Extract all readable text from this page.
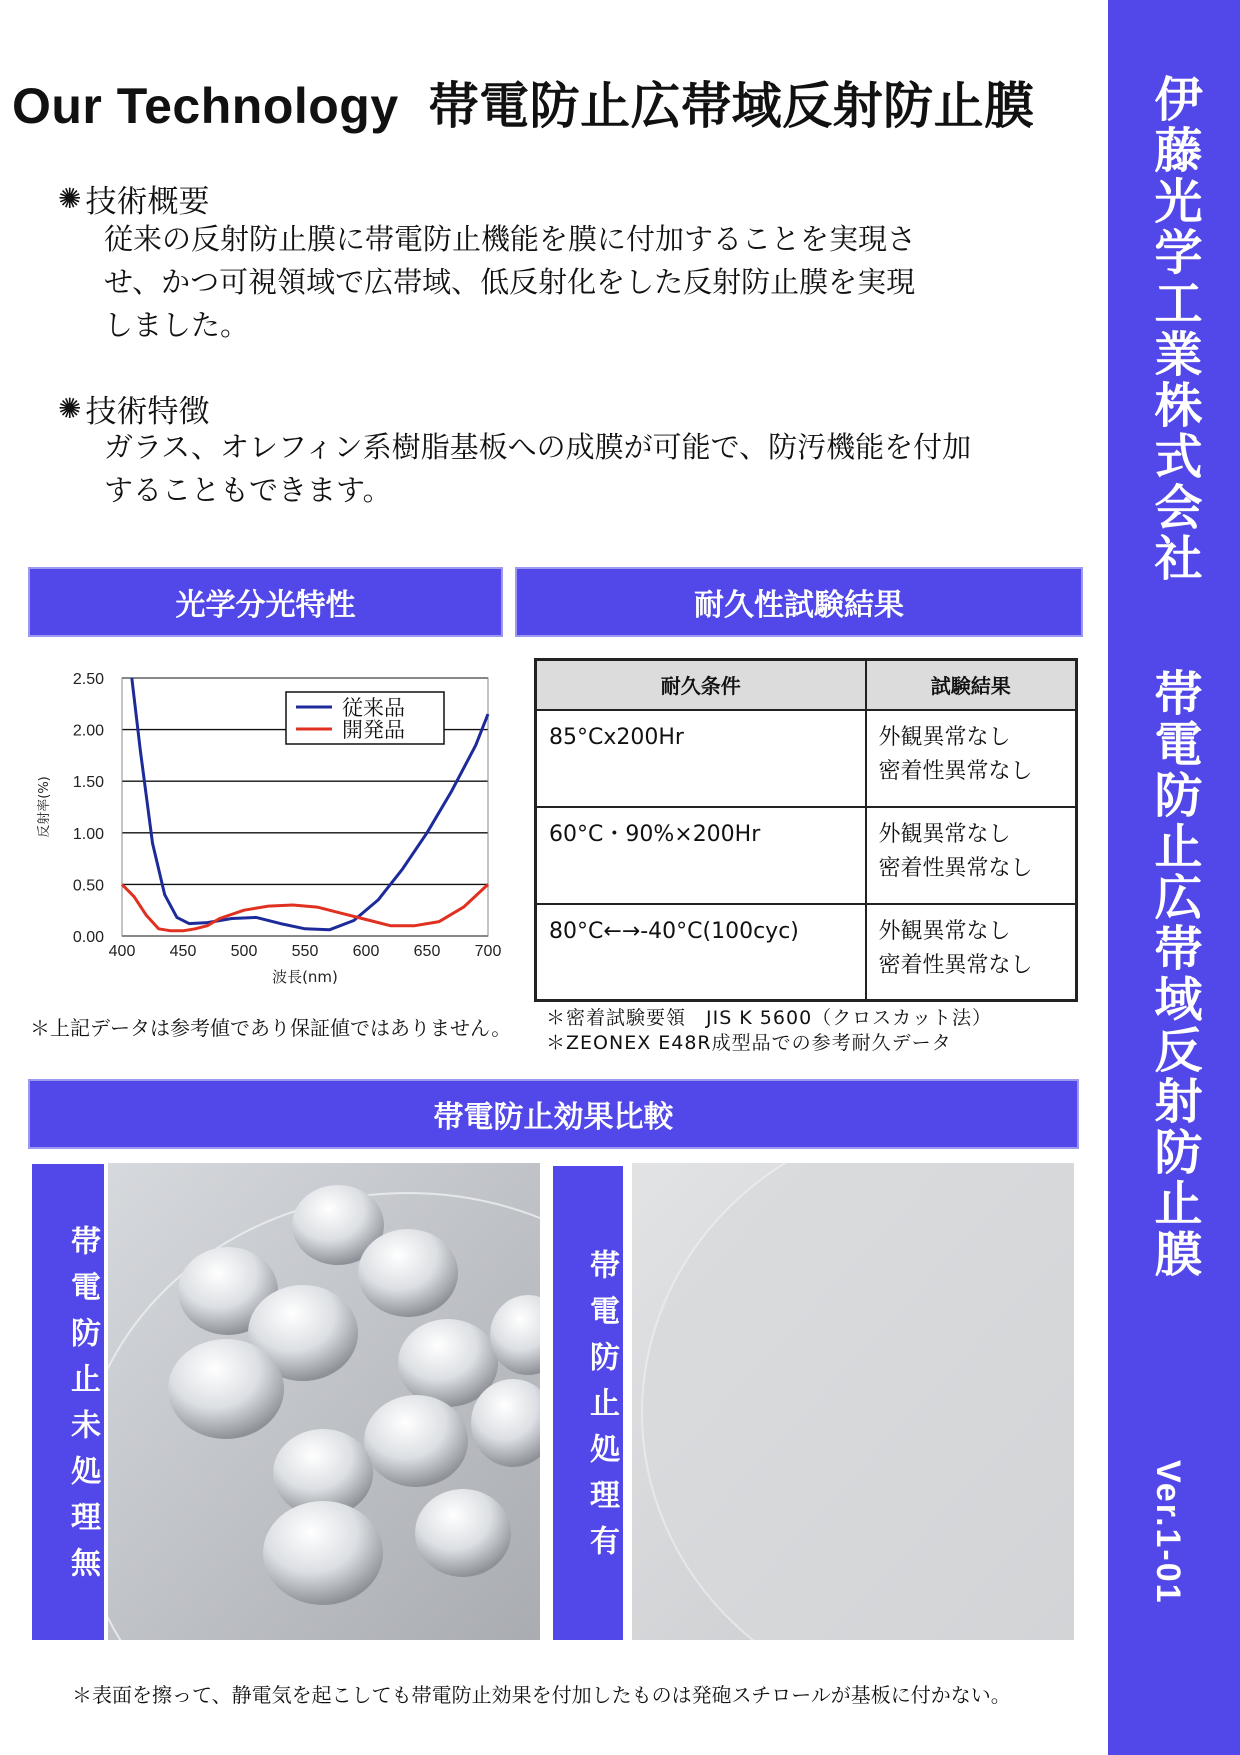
Our Technology 帯電防止広帯域反射防止膜 伊藤光学工業株式会社
帯電防止広帯域反射防止膜
Ver.1-01
✺ 技術概要
従来の反射防止膜に帯電防止機能を膜に付加することを実現さ
せ、かつ可視領域で広帯域、低反射化をした反射防止膜を実現
しました。
✺ 技術特徴
ガラス、オレフィン系樹脂基板への成膜が可能で、防汚機能を付加
することもできます。
光学分光特性	耐久性試験結果
0.00
0.50
1.00
1.50
2.00
2.50
400 450 500 550 600 650 700
波長(nm)
反射率(%)
従来品
開発品
＊上記データは参考値であり保証値ではありません。
耐久条件	試験結果
85°Cx200Hr	外観異常なし
密着性異常なし

60°C・90%×200Hr	外観異常なし
密着性異常なし

80°C←→-40°C(100cyc)	外観異常なし
密着性異常なし
＊密着試験要領　JIS K 5600（クロスカット法）
＊ZEONEX E48R成型品での参考耐久データ
帯電防止効果比較
帯電防止未処理無	帯電防止処理有
＊表面を擦って、静電気を起こしても帯電防止効果を付加したものは発砲スチロールが基板に付かない。
